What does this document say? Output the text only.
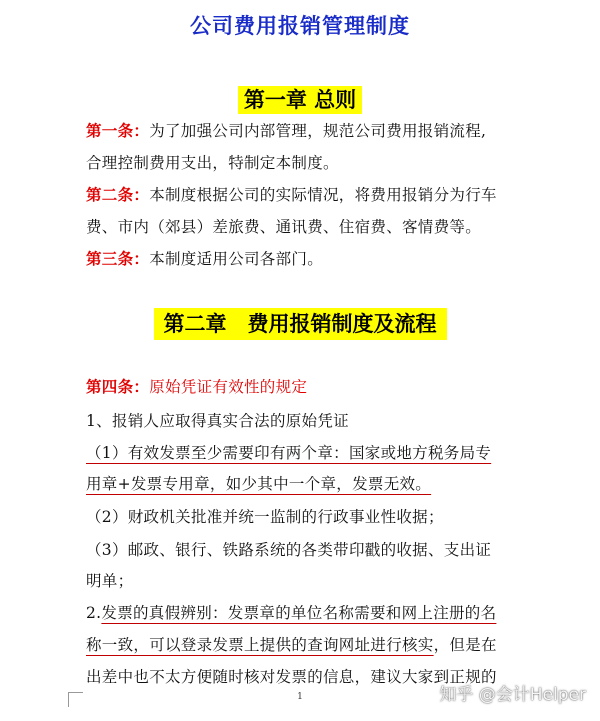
公司费用报销管理制度
第一章 总则
第一条：为了加强公司内部管理，规范公司费用报销流程,
合理控制费用支出，特制定本制度。
第二条：本制度根据公司的实际情况，将费用报销分为行车
费、市内（郊县）差旅费、通讯费、住宿费、客情费等。
第三条：本制度适用公司各部门。
第二章　费用报销制度及流程
第四条：原始凭证有效性的规定
1、报销人应取得真实合法的原始凭证
（1）有效发票至少需要印有两个章：国家或地方税务局专
用章+发票专用章，如少其中一个章，发票无效。
（2）财政机关批准并统一监制的行政事业性收据；
（3）邮政、银行、铁路系统的各类带印戳的收据、支出证
明单；
2.发票的真假辨别：发票章的单位名称需要和网上注册的名
称一致，可以登录发票上提供的查询网址进行核实，但是在
出差中也不太方便随时核对发票的信息，建议大家到正规的
1	知乎 @会计Helper
